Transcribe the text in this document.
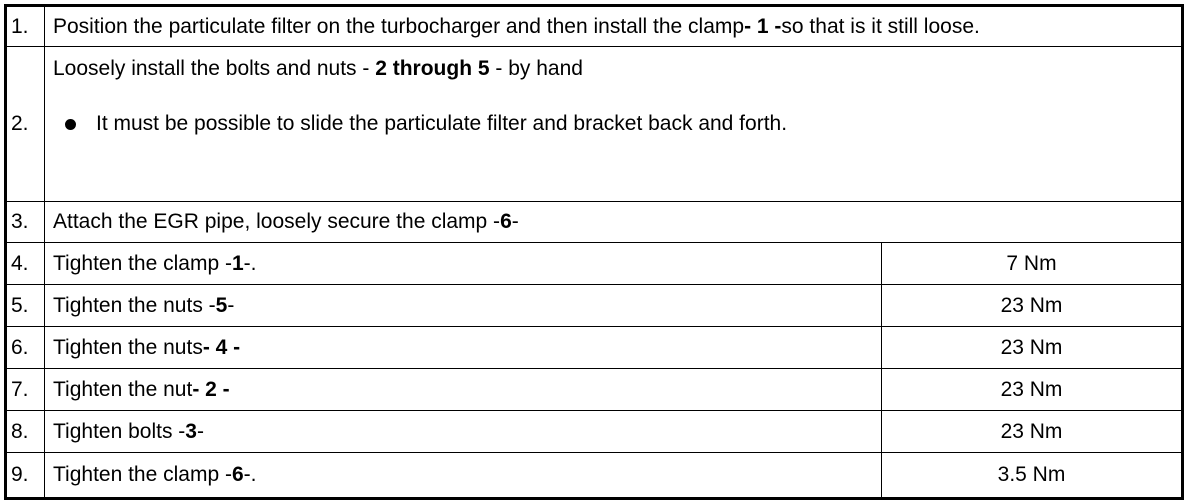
1.	Position the particulate filter on the turbocharger and then install the clamp - 1 - so that is it still loose.
2.
Loosely install the bolts and nuts - 2 through 5 - by hand
It must be possible to slide the particulate filter and bracket back and forth.
3.	Attach the EGR pipe, loosely secure the clamp - 6 -
4.	Tighten the clamp - 1 -.	7 Nm
5.	Tighten the nuts - 5 -	23 Nm
6.	Tighten the nuts - 4 -	23 Nm
7.	Tighten the nut - 2 -	23 Nm
8.	Tighten bolts - 3 -	23 Nm
9.	Tighten the clamp - 6 -.	3.5 Nm
